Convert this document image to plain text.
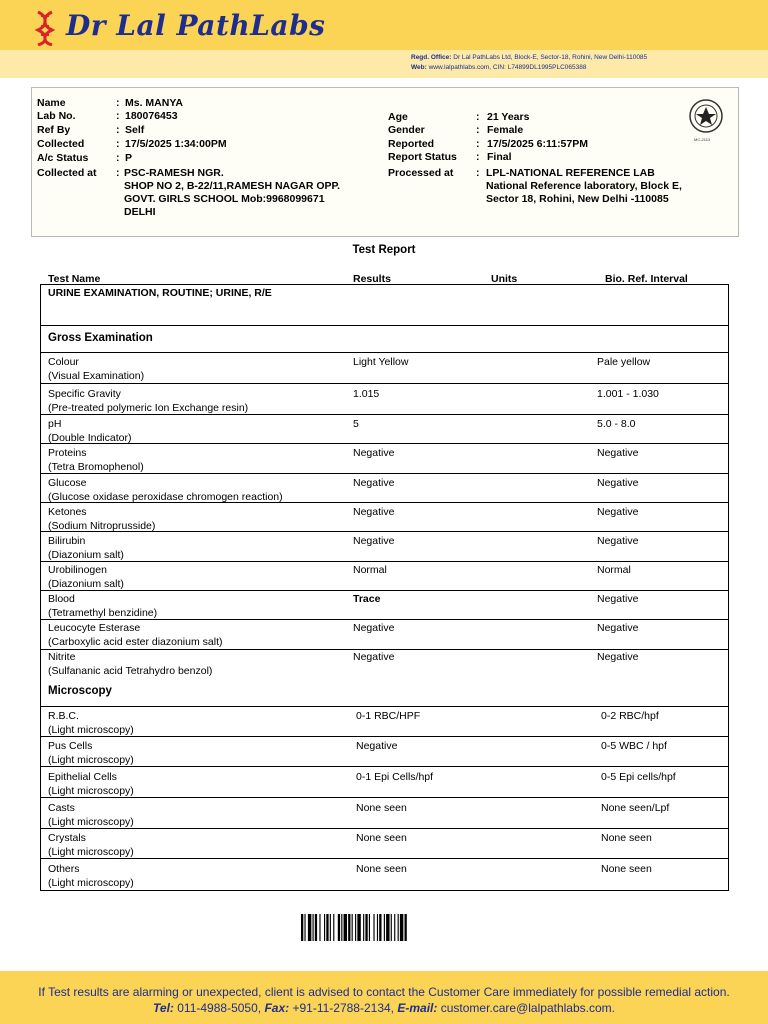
Dr Lal PathLabs
Regd. Office: Dr Lal PathLabs Ltd, Block-E, Sector-18, Rohini, New Delhi-110085
Web: www.lalpathlabs.com, CIN: L74899DL1995PLC065388
Name	: Ms. MANYA
Lab No.	: 180076453
Ref By	: Self
Collected	: 17/5/2025 1:34:00PM
A/c Status	: P
Collected at : PSC-RAMESH NGR.
SHOP NO 2, B-22/11,RAMESH NAGAR OPP.
GOVT. GIRLS SCHOOL Mob:9968099671
DELHI
Age	: 21 Years
Gender	: Female
Reported	: 17/5/2025 6:11:57PM
Report Status : Final
Processed at : LPL-NATIONAL REFERENCE LAB
National Reference laboratory, Block E,
Sector 18, Rohini, New Delhi -110085
MC-2113
Test Report
Test Name	Results	Units	Bio. Ref. Interval
URINE EXAMINATION, ROUTINE; URINE, R/E
Gross Examination
Colour
(Visual Examination)
Light Yellow	Pale yellow
Specific Gravity
(Pre-treated polymeric Ion Exchange resin)
1.015	1.001 - 1.030
pH
(Double Indicator)
5	5.0 - 8.0
Proteins
(Tetra Bromophenol)
Negative	Negative
Glucose
(Glucose oxidase peroxidase chromogen reaction)
Negative	Negative
Ketones
(Sodium Nitroprusside)
Negative	Negative
Bilirubin
(Diazonium salt)
Negative	Negative
Urobilinogen
(Diazonium salt)
Normal	Normal
Blood
(Tetramethyl benzidine)
Trace	Negative
Leucocyte Esterase
(Carboxylic acid ester diazonium salt)
Negative	Negative
Nitrite
(Sulfananic acid Tetrahydro benzol)
Negative	Negative
Microscopy
R.B.C.
(Light microscopy)
0-1 RBC/HPF	0-2 RBC/hpf
Pus Cells
(Light microscopy)
Negative	0-5 WBC / hpf
Epithelial Cells
(Light microscopy)
0-1 Epi Cells/hpf	0-5 Epi cells/hpf
Casts
(Light microscopy)
None seen	None seen/Lpf
Crystals
(Light microscopy)
None seen	None seen
Others
(Light microscopy)
None seen	None seen
If Test results are alarming or unexpected, client is advised to contact the Customer Care immediately for possible remedial action.
Tel: 011-4988-5050, Fax: +91-11-2788-2134, E-mail: customer.care@lalpathlabs.com.
